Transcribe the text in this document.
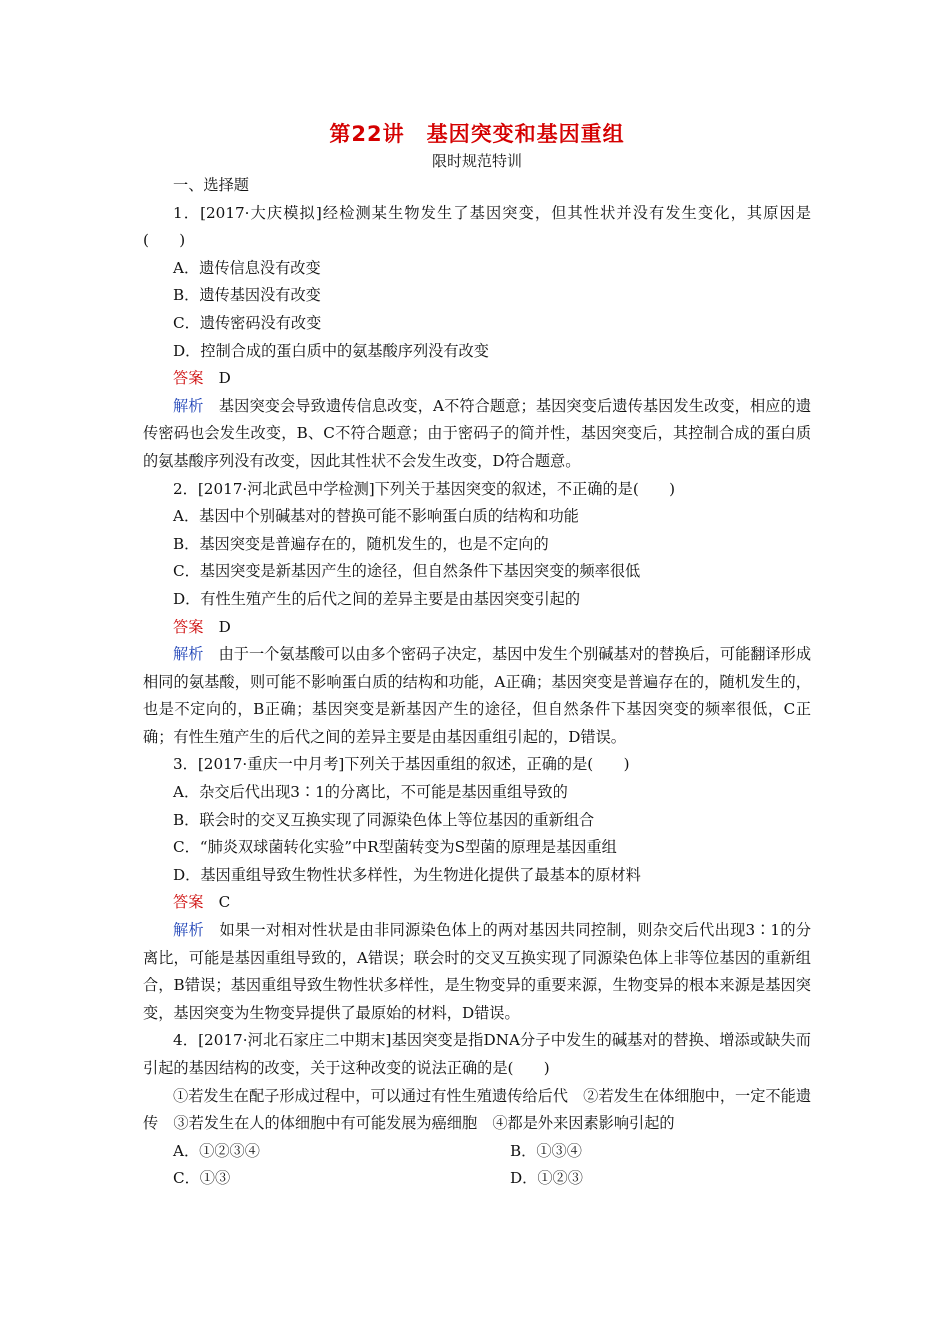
第22讲　基因突变和基因重组
限时规范特训
一、选择题
1．[2017·大庆模拟]经检测某生物发生了基因突变，但其性状并没有发生变化，其原因是(　　)
A．遗传信息没有改变
B．遗传基因没有改变
C．遗传密码没有改变
D．控制合成的蛋白质中的氨基酸序列没有改变
答案　 D
解析　 基因突变会导致遗传信息改变，A不符合题意；基因突变后遗传基因发生改变，相应的遗传密码也会发生改变，B、C不符合题意；由于密码子的简并性，基因突变后，其控制合成的蛋白质的氨基酸序列没有改变，因此其性状不会发生改变，D符合题意。
2．[2017·河北武邑中学检测]下列关于基因突变的叙述，不正确的是(　　)
A．基因中个别碱基对的替换可能不影响蛋白质的结构和功能
B．基因突变是普遍存在的，随机发生的，也是不定向的
C．基因突变是新基因产生的途径，但自然条件下基因突变的频率很低
D．有性生殖产生的后代之间的差异主要是由基因突变引起的
答案　 D
解析　 由于一个氨基酸可以由多个密码子决定，基因中发生个别碱基对的替换后，可能翻译形成相同的氨基酸，则可能不影响蛋白质的结构和功能，A正确；基因突变是普遍存在的，随机发生的，也是不定向的，B正确；基因突变是新基因产生的途径，但自然条件下基因突变的频率很低，C正确；有性生殖产生的后代之间的差异主要是由基因重组引起的，D错误。
3．[2017·重庆一中月考]下列关于基因重组的叙述，正确的是(　　)
A．杂交后代出现3∶1的分离比，不可能是基因重组导致的
B．联会时的交叉互换实现了同源染色体上等位基因的重新组合
C．“肺炎双球菌转化实验”中R型菌转变为S型菌的原理是基因重组
D．基因重组导致生物性状多样性，为生物进化提供了最基本的原材料
答案　 C
解析　 如果一对相对性状是由非同源染色体上的两对基因共同控制，则杂交后代出现3∶1的分离比，可能是基因重组导致的，A错误；联会时的交叉互换实现了同源染色体上非等位基因的重新组合，B错误；基因重组导致生物性状多样性，是生物变异的重要来源，生物变异的根本来源是基因突变，基因突变为生物变异提供了最原始的材料，D错误。
4．[2017·河北石家庄二中期末]基因突变是指DNA分子中发生的碱基对的替换、增添或缺失而引起的基因结构的改变，关于这种改变的说法正确的是(　　)
①若发生在配子形成过程中，可以通过有性生殖遗传给后代　②若发生在体细胞中，一定不能遗传　③若发生在人的体细胞中有可能发展为癌细胞　④都是外来因素影响引起的
A．①②③④	B．①③④
C．①③	D．①②③
